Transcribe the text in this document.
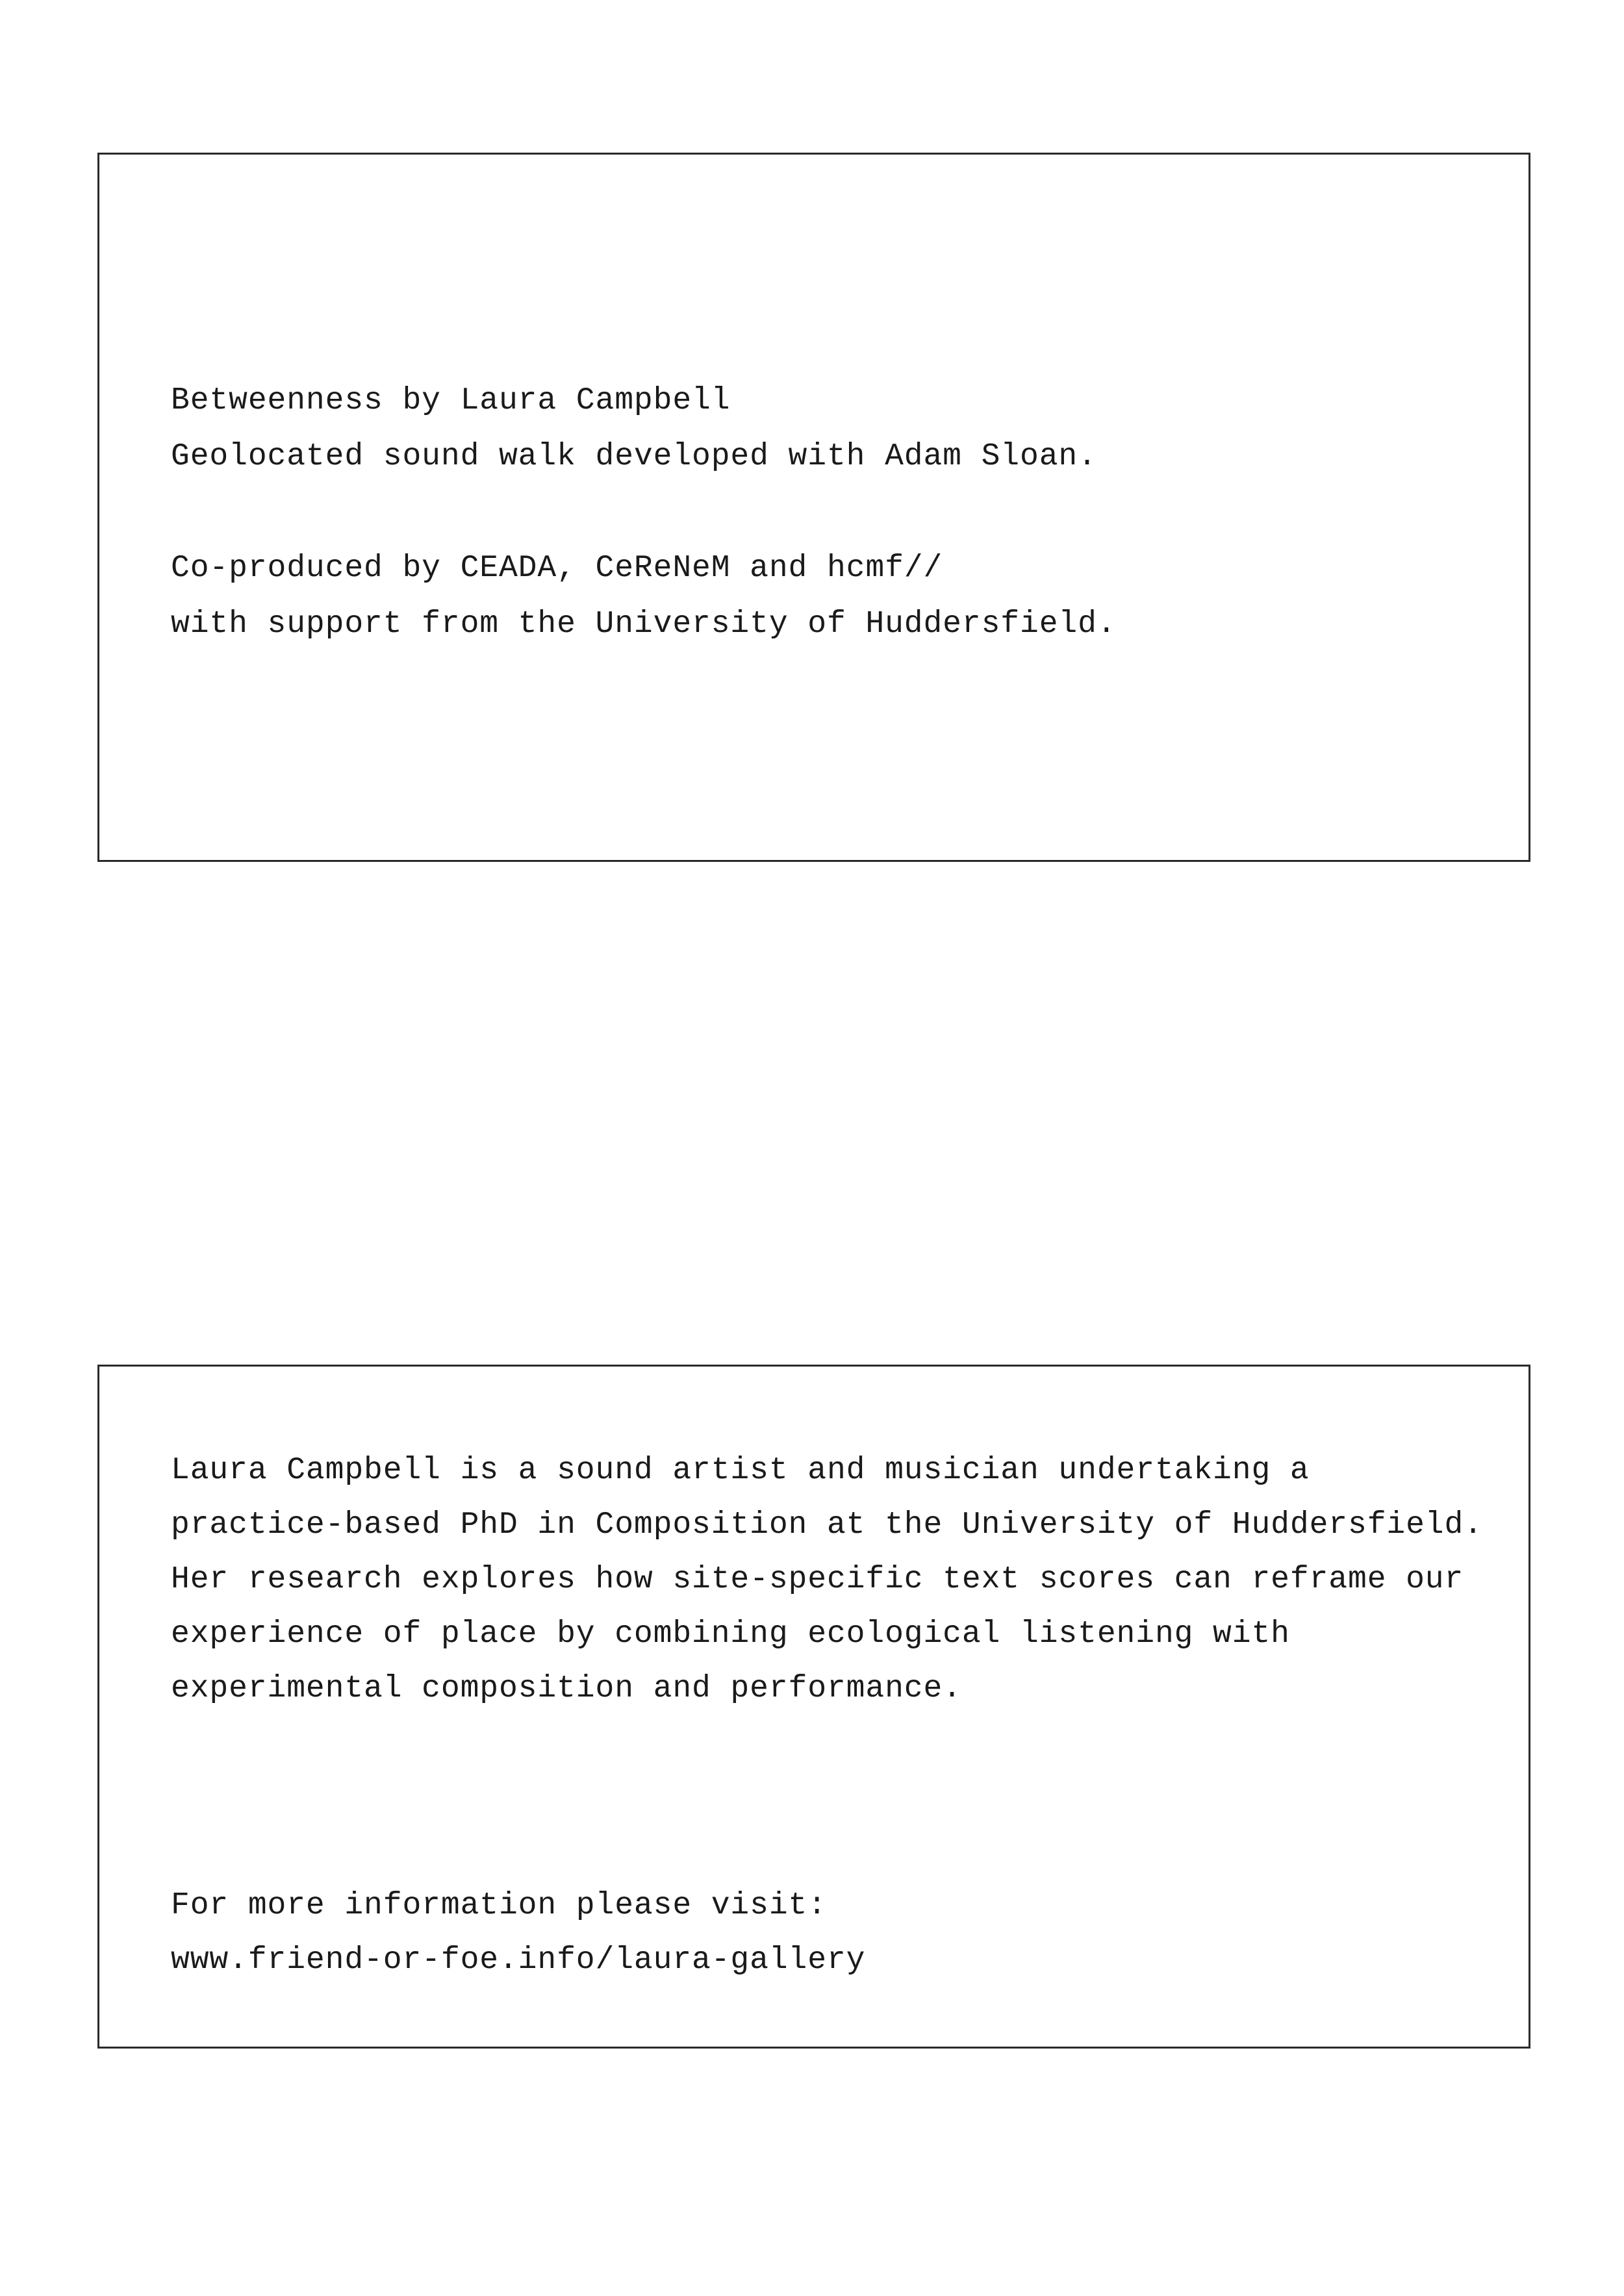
Betweenness by Laura Campbell

Geolocated sound walk developed with Adam Sloan.

Co-produced by CEADA, CeReNeM and hcmf//

with support from the University of Huddersfield.

Laura Campbell is a sound artist and musician undertaking a practice-based PhD in Composition at the University of Huddersfield. Her research explores how site-specific text scores can reframe our experience of place by combining ecological listening with experimental composition and performance.

For more information please visit:

www.friend-or-foe.info/laura-gallery
